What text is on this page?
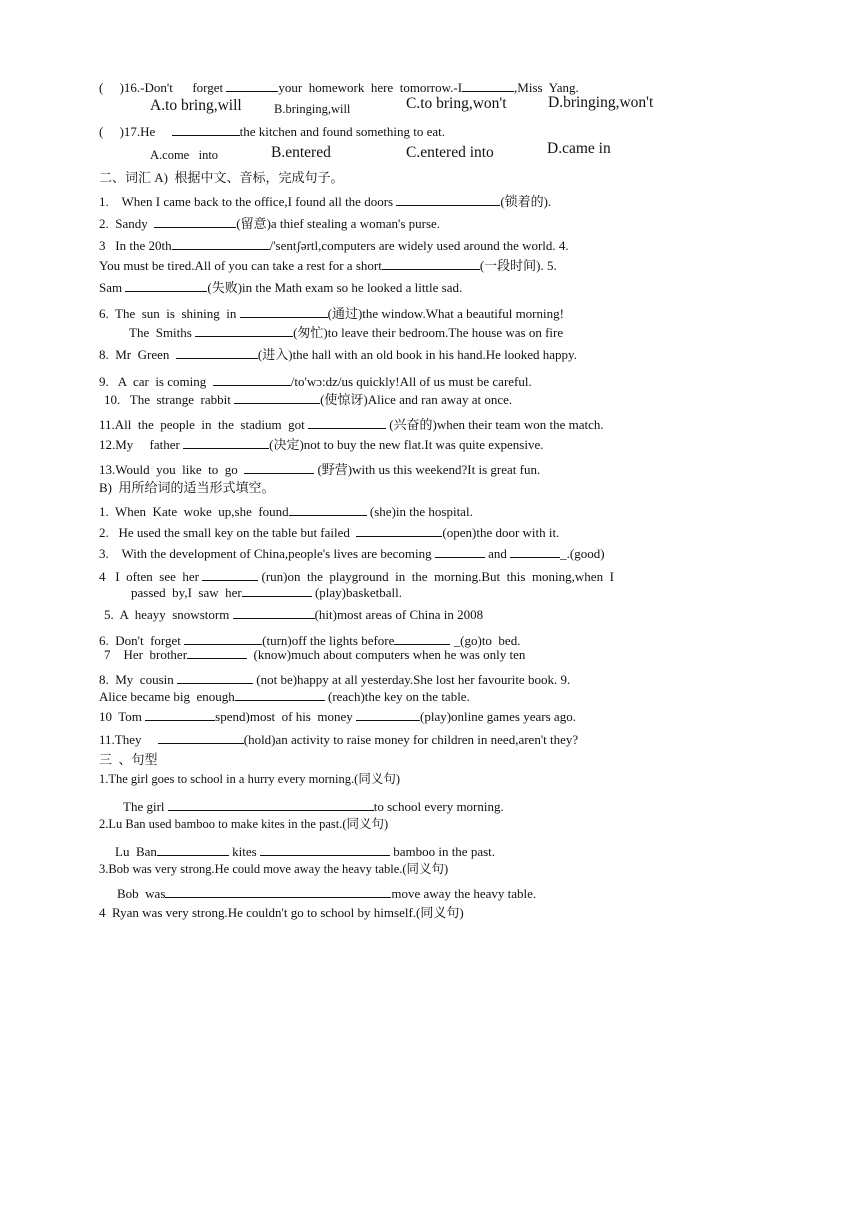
(     )16.-Don't forget	your  homework  here  tomorrow.-I	,Miss  Yang.
A.to bring,will	B.bringing,will	C.to bring,won't	D.bringing,won't
(     )17.He	the kitchen and found something to eat.
A.come   into	B.entered	C.entered into	D.came in
二、词汇 A)  根据中文、音标，完成句子。
1.    When I came back to the office,I found all the doors	(锁着的).
2.  Sandy	(留意)a thief stealing a woman's purse.
3   In the 20th	/'sentʃərtl,computers are widely used around the world. 4.
You must be tired.All of you can take a rest for a short	(一段时间). 5.
Sam	(失败)in the Math exam so he looked a little sad.
6.  The  sun  is  shining  in	(通过)the window.What a beautiful morning!
The  Smiths	(匆忙)to leave their bedroom.The house was on fire
8.  Mr  Green	(进入)the hall with an old book in his hand.He looked happy.
9.   A  car  is coming	/to'wɔ:dz/us quickly!All of us must be careful.
10.   The  strange  rabbit	(使惊讶)Alice and ran away at once.
11.All  the  people  in  the  stadium  got	(兴奋的)when their team won the match.
12.My     father	(决定)not to buy the new flat.It was quite expensive.
13.Would  you  like  to  go	(野营)with us this weekend?It is great fun.
B)  用所给词的适当形式填空。
1.  When  Kate  woke  up,she  found	(she)in the hospital.
2.   He used the small key on the table but failed	(open)the door with it.
3.    With the development of China,people's lives are becoming	and	_.(good)
4   I  often  see  her	(run)on  the  playground  in  the  morning.But  this  moning,when  I
passed  by,I  saw  her	(play)basketball.
5.  A  heayy  snowstorm	(hit)most areas of China in 2008
6.  Don't  forget	(turn)off the lights before	_(go)to  bed.
7    Her  brother	(know)much about computers when he was only ten
8.  My  cousin	(not be)happy at all yesterday.She lost her favourite book. 9.
Alice became big  enough	(reach)the key on the table.
10  Tom	spend)most  of his  money	(play)online games years ago.
11.They	(hold)an activity to raise money for children in need,aren't they?
三  、句型
1.The girl goes to school in a hurry every morning.(同义句)
The girl	to school every morning.
2.Lu Ban used bamboo to make kites in the past.(同义句)
Lu  Ban	kites	bamboo in the past.
3.Bob was very strong.He could move away the heavy table.(同义句)
Bob  was	move away the heavy table.
4  Ryan was very strong.He couldn't go to school by himself.(同义句)
